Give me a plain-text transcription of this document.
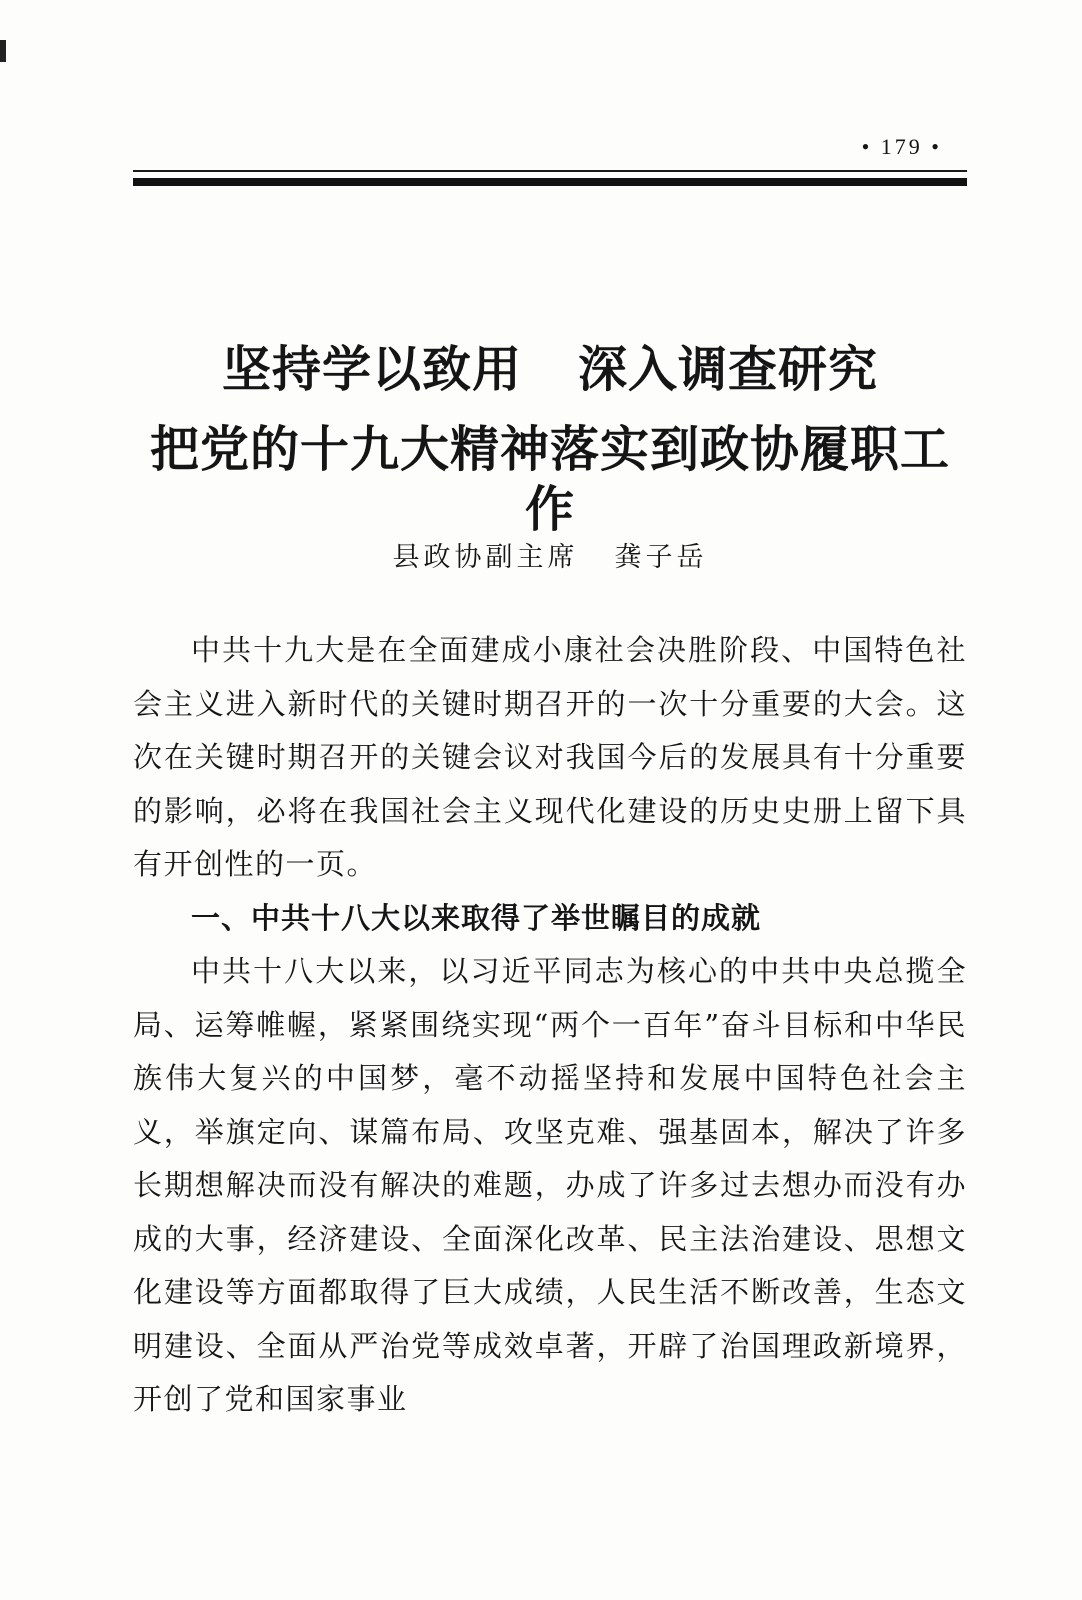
• 179 •
坚持学以致用 深入调查研究
把党的十九大精神落实到政协履职工作
县政协副主席 龚子岳

中共十九大是在全面建成小康社会决胜阶段、中国特色社会主义进入新时代的关键时期召开的一次十分重要的大会。这次在关键时期召开的关键会议对我国今后的发展具有十分重要的影响，必将在我国社会主义现代化建设的历史史册上留下具有开创性的一页。

一、中共十八大以来取得了举世瞩目的成就

中共十八大以来，以习近平同志为核心的中共中央总揽全局、运筹帷幄，紧紧围绕实现“两个一百年”奋斗目标和中华民族伟大复兴的中国梦，毫不动摇坚持和发展中国特色社会主义，举旗定向、谋篇布局、攻坚克难、强基固本，解决了许多长期想解决而没有解决的难题，办成了许多过去想办而没有办成的大事，经济建设、全面深化改革、民主法治建设、思想文化建设等方面都取得了巨大成绩，人民生活不断改善，生态文明建设、全面从严治党等成效卓著，开辟了治国理政新境界，开创了党和国家事业
